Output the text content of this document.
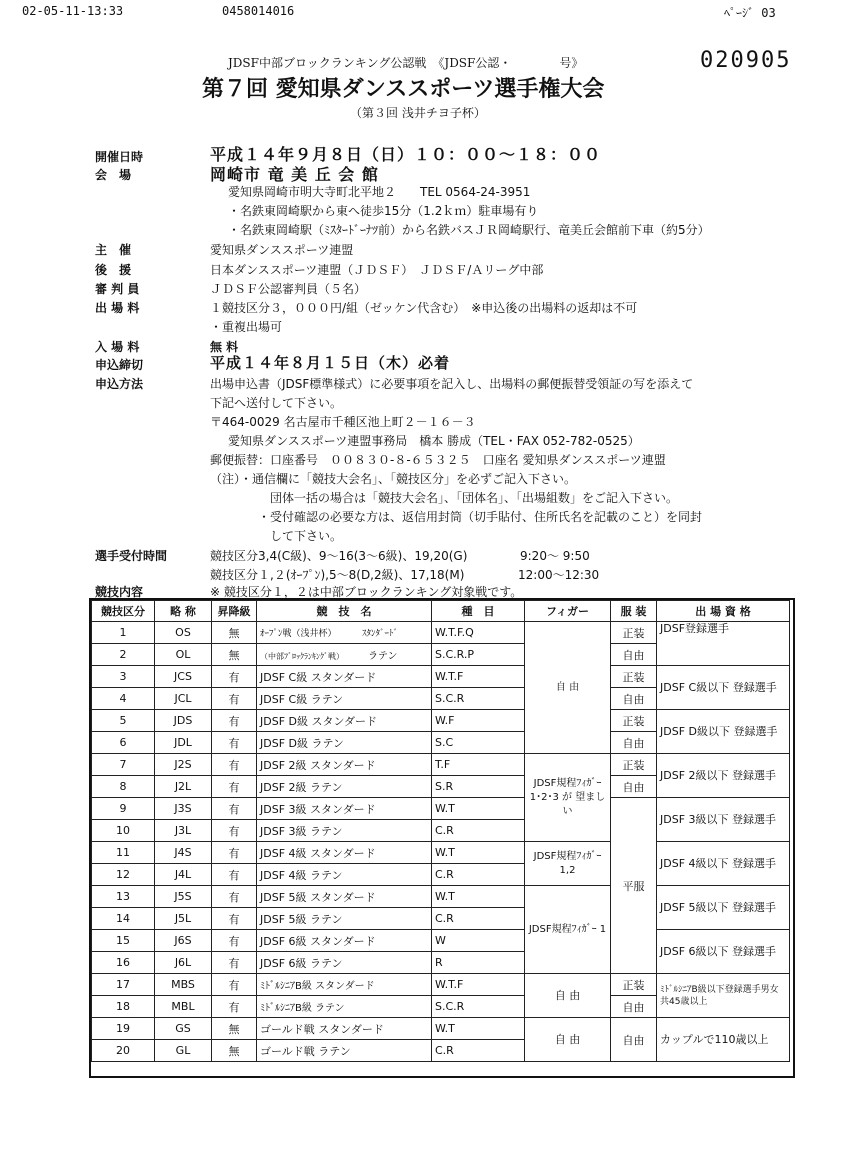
02-05-11-13:33	0458014016	ﾍﾟｰｼﾞ 03
JDSF中部ブロックランキング公認戦　《JDSF公認・　　　　号》	020905
第７回 愛知県ダンススポーツ選手権大会
（第３回 浅井チヨ子杯）
開催日時	平成１４年９月８日（日）１０：００～１８：００
会　場	岡崎市 竜 美 丘 会 館
愛知県岡崎市明大寺町北平地２　　TEL 0564-24-3951
・名鉄東岡崎駅から東へ徒歩15分（1.2ｋｍ）駐車場有り
・名鉄東岡崎駅（ﾐｽﾀｰﾄﾞｰﾅﾂ前）から名鉄バスＪＲ岡崎駅行、竜美丘会館前下車（約5分）
主　催	愛知県ダンススポーツ連盟
後　援	日本ダンススポーツ連盟（ＪＤＳＦ）　ＪＤＳＦ/Ａリーグ中部
審 判 員	ＪＤＳＦ公認審判員（５名）
出 場 料	１競技区分３，０００円/組（ゼッケン代含む）　※申込後の出場料の返却は不可
・重複出場可
入 場 料	無 料
申込締切	平成１４年８月１５日（木）必着
申込方法	出場申込書（JDSF標準様式）に必要事項を記入し、出場料の郵便振替受領証の写を添えて
下記へ送付して下さい。
〒464-0029 名古屋市千種区池上町２－１６－３
愛知県ダンススポーツ連盟事務局　橋本 勝成（TEL・FAX 052-782-0525）
郵便振替：口座番号　００８３０-８-６５３２５　口座名 愛知県ダンススポーツ連盟
（注）・通信欄に「競技大会名」、「競技区分」を必ずご記入下さい。
団体一括の場合は「競技大会名」、「団体名」、「出場組数」をご記入下さい。
・受付確認の必要な方は、返信用封筒（切手貼付、住所氏名を記載のこと）を同封
して下さい。
選手受付時間	競技区分3,4(C級)、9～16(3～6級)、19,20(G)	9:20～ 9:50
競技区分１,２(ｵｰﾌﾟﾝ),5～8(D,2級)、17,18(M)	12:00～12:30
競技内容	※ 競技区分１，２は中部ブロックランキング対象戦です。
競技区分	略 称	昇降級	競　技　名	種　目	フィガー	服 装	出 場 資 格
1	OS	無	ｵｰﾌﾟﾝ戦（浅井杯） ｽﾀﾝﾀﾞｰﾄﾞ	W.T.F.Q	自 由	正装	JDSF登録選手
2	OL	無	（中部ﾌﾞﾛｯｸﾗﾝｷﾝｸﾞ戦） ラテン	S.C.R.P		自由	
3	JCS	有	JDSF C級 スタンダード	W.T.F		正装	JDSF C級以下 登録選手
4	JCL	有	JDSF C級 ラテン	S.C.R		自由	
5	JDS	有	JDSF D級 スタンダード	W.F		正装	JDSF D級以下 登録選手
6	JDL	有	JDSF D級 ラテン	S.C		自由	
7	J2S	有	JDSF 2級 スタンダード	T.F	JDSF規程ﾌｨｶﾞｰ 1･2･3 が 望ましい	正装	JDSF 2級以下 登録選手
8	J2L	有	JDSF 2級 ラテン	S.R		自由	
9	J3S	有	JDSF 3級 スタンダード	W.T		平服	JDSF 3級以下 登録選手
10	J3L	有	JDSF 3級 ラテン	C.R			
11	J4S	有	JDSF 4級 スタンダード	W.T	JDSF規程ﾌｨｶﾞｰ 1,2		JDSF 4級以下 登録選手
12	J4L	有	JDSF 4級 ラテン	C.R			
13	J5S	有	JDSF 5級 スタンダード	W.T	JDSF規程ﾌｨｶﾞｰ 1		JDSF 5級以下 登録選手
14	J5L	有	JDSF 5級 ラテン	C.R			
15	J6S	有	JDSF 6級 スタンダード	W			JDSF 6級以下 登録選手
16	J6L	有	JDSF 6級 ラテン	R			
17	MBS	有	ﾐﾄﾞﾙｼﾆｱB級 スタンダード	W.T.F	自 由	正装	ﾐﾄﾞﾙｼﾆｱB級以下登録選手男女共45歳以上
18	MBL	有	ﾐﾄﾞﾙｼﾆｱB級 ラテン	S.C.R		自由	
19	GS	無	ゴールド戦 スタンダード	W.T	自 由	自由	カップルで110歳以上
20	GL	無	ゴールド戦 ラテン	C.R			
